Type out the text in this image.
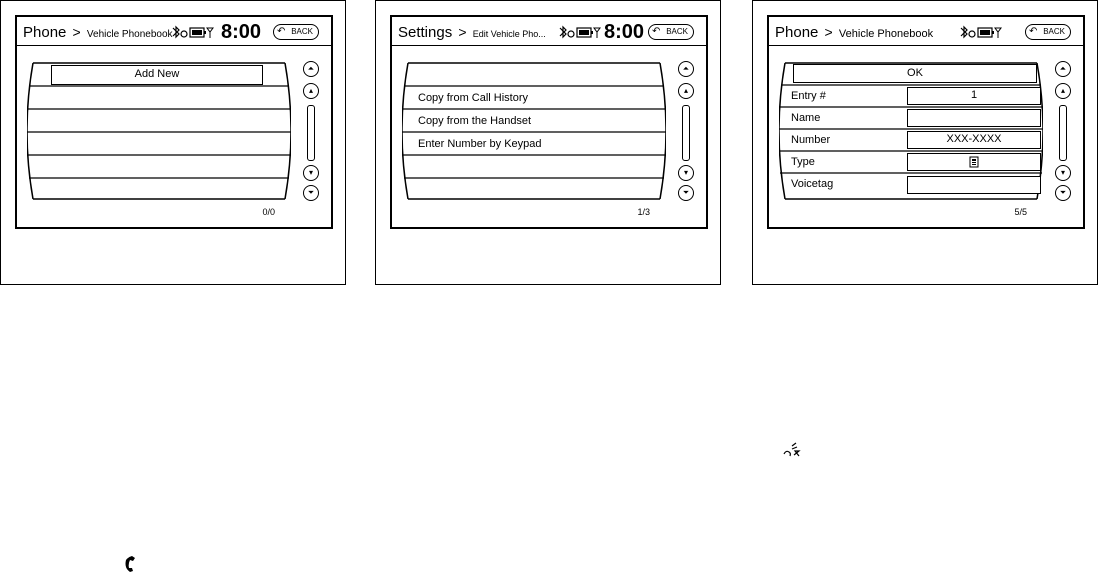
Phone > Vehicle Phonebook 8:00 ↶ BACK
Add New	⏶
▴
▾
⏷
0/0
Settings > Edit Vehicle Pho...	8:00 ↶ BACK
Copy from Call History
Copy from the Handset
Enter Number by Keypad
⏶
▴
▾
⏷
1/3
Phone > Vehicle Phonebook	↶ BACK
OK
Entry #	1
Name
Number	XXX-XXXX
Type
Voicetag
⏶
▴
▾
⏷
5/5
